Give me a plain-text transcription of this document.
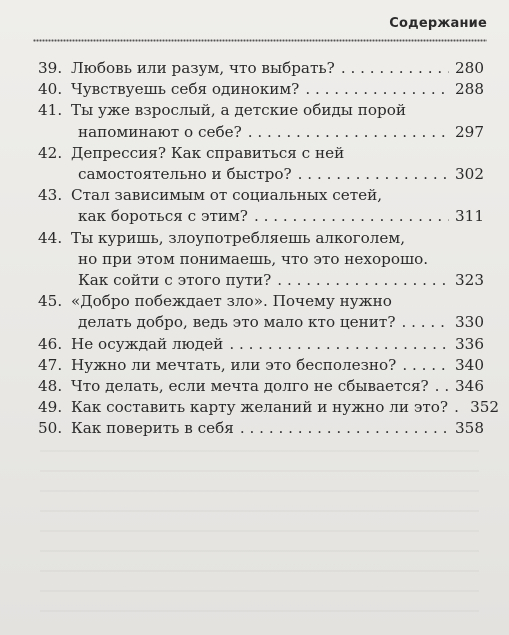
Содержание
39. Любовь или разум, что выбрать? . . .	280
40. Чувствуешь себя одиноким? . . .	288
41. Ты уже взрослый, а детские обиды порой
напоминают о себе? . . .	297
42. Депрессия? Как справиться с ней
самостоятельно и быстро? . . .	302
43. Стал зависимым от социальных сетей,
как бороться с этим? . . .	311
44. Ты куришь, злоупотребляешь алкоголем,
но при этом понимаешь, что это нехорошо.
Как сойти с этого пути? . . .	323
45. «Добро побеждает зло». Почему нужно
делать добро, ведь это мало кто ценит? . . .	330
46. Не осуждай людей . . .	336
47. Нужно ли мечтать, или это бесполезно? . . .	340
48. Что делать, если мечта долго не сбывается? . . . 346
49. Как составить карту желаний и нужно ли это? . . . 352
50. Как поверить в себя . . .	358
